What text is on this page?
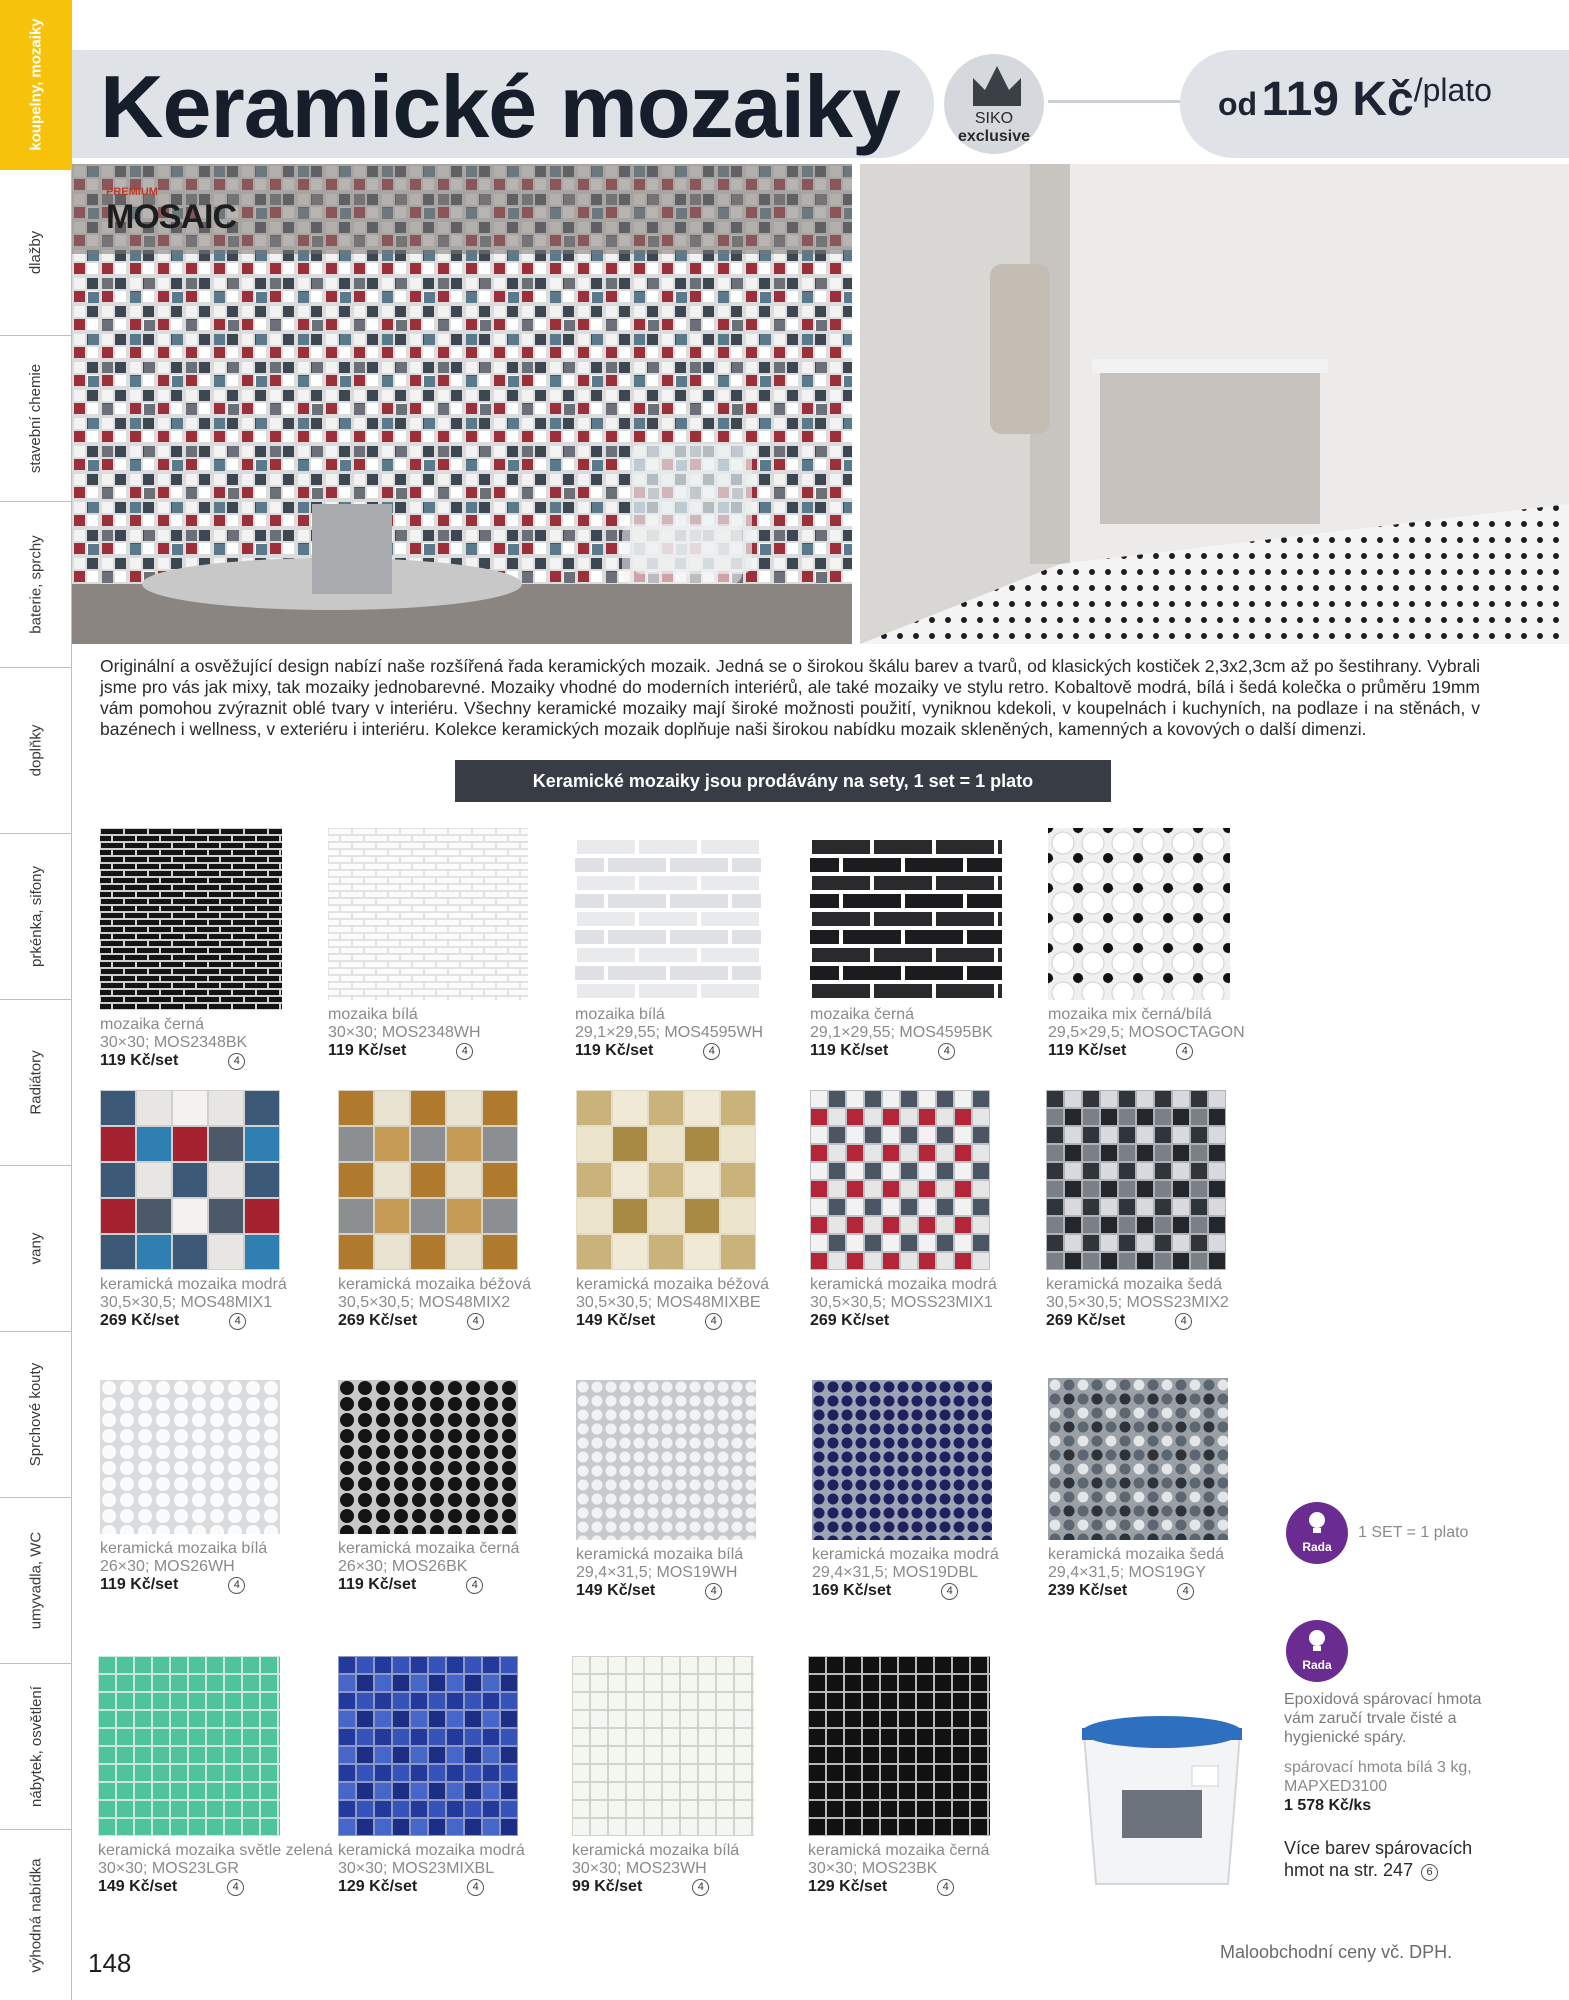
koupelny, mozaiky
dlažby
stavební chemie
baterie, sprchy
doplňky
prkénka, sifony
Radiátory
vany
Sprchové kouty
umyvadla, WC
nábytek, osvětlení
výhodná nabídka
Keramické mozaiky	SIKO
exclusive
od 119 Kč/plato
PREMIUM
MOSAIC

Originální a osvěžující design nabízí naše rozšířená řada keramických mozaik. Jedná se o širokou škálu barev a tvarů, od klasických kostiček 2,3x2,3cm až po šestihrany. Vybrali jsme pro vás jak mixy, tak mozaiky jednobarevné. Mozaiky vhodné do moderních interiérů, ale také mozaiky ve stylu retro. Kobaltově modrá, bílá i šedá kolečka o průměru 19mm vám pomohou zvýraznit oblé tvary v interiéru. Všechny keramické mozaiky mají široké možnosti použití, vyniknou kdekoli, v koupelnách i kuchyních, na podlaze i na stěnách, v bazénech i wellness, v exteriéru i interiéru. Kolekce keramických mozaik doplňuje naši širokou nabídku mozaik skleněných, kamenných a kovových o další dimenzi.

Keramické mozaiky jsou prodávány na sety, 1 set = 1 plato
mozaika černá
30×30; MOS2348BK
119 Kč/set	4
mozaika bílá
30×30; MOS2348WH
119 Kč/set	4
mozaika bílá
29,1×29,55; MOS4595WH
119 Kč/set	4
mozaika černá
29,1×29,55; MOS4595BK
119 Kč/set	4
mozaika mix černá/bílá
29,5×29,5; MOSOCTAGON
119 Kč/set	4
keramická mozaika modrá
30,5×30,5; MOS48MIX1
269 Kč/set	4
keramická mozaika béžová
30,5×30,5; MOS48MIX2
269 Kč/set	4
keramická mozaika béžová
30,5×30,5; MOS48MIXBE
149 Kč/set	4
keramická mozaika modrá
30,5×30,5; MOSS23MIX1
269 Kč/set
keramická mozaika šedá
30,5×30,5; MOSS23MIX2
269 Kč/set	4
keramická mozaika bílá
26×30; MOS26WH
119 Kč/set	4
keramická mozaika černá
26×30; MOS26BK
119 Kč/set	4
keramická mozaika bílá
29,4×31,5; MOS19WH
149 Kč/set	4
keramická mozaika modrá
29,4×31,5; MOS19DBL
169 Kč/set	4
keramická mozaika šedá
29,4×31,5; MOS19GY
239 Kč/set	4
keramická mozaika světle zelená
30×30; MOS23LGR
149 Kč/set	4
keramická mozaika modrá
30×30; MOS23MIXBL
129 Kč/set	4
keramická mozaika bílá
30×30; MOS23WH
99 Kč/set	4
keramická mozaika černá
30×30; MOS23BK
129 Kč/set	4
Rada
1 SET = 1 plato
Rada
Epoxidová spárovací hmota vám zaručí trvale čisté a hygienické spáry.
spárovací hmota bílá 3 kg, MAPXED3100
1 578 Kč/ks
Více barev spárovacích hmot na str. 247 6
148	Maloobchodní ceny vč. DPH.
